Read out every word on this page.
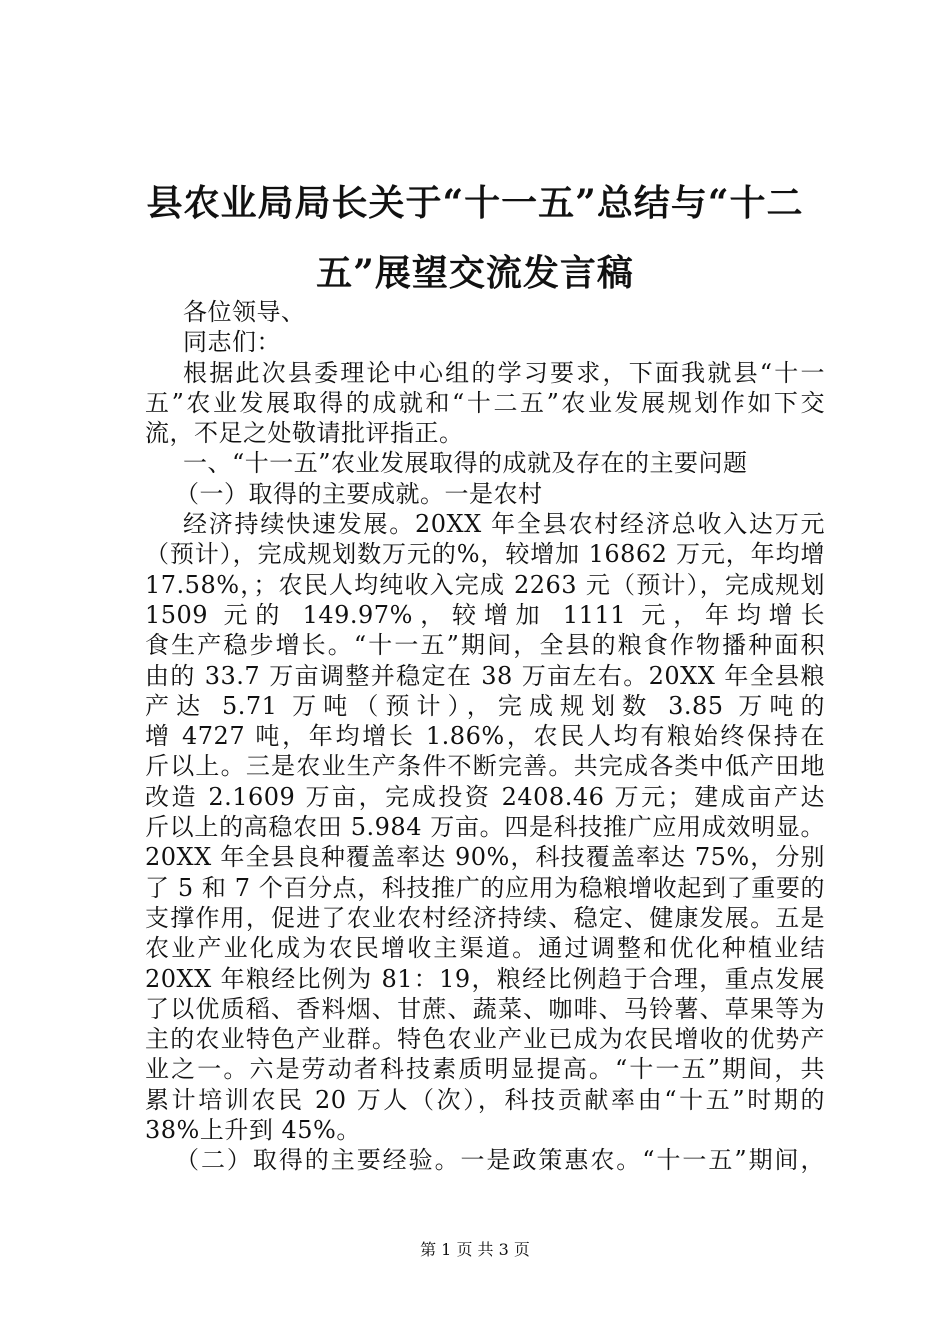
县农业局局长关于“十一五”总结与“十二
五”展望交流发言稿
各位领导、
同志们：
根据此次县委理论中心组的学习要求，下面我就县“十一
五”农业发展取得的成就和“十二五”农业发展规划作如下交
流，不足之处敬请批评指正。
一、“十一五”农业发展取得的成就及存在的主要问题
（一）取得的主要成就。一是农村
经济持续快速发展。20XX 年全县农村经济总收入达万元
（预计），完成规划数万元的%，较增加 16862 万元，年均增
17.58%，；农民人均纯收入完成 2263 元（预计），完成规划
1509 元的 149.97%，较增加 1111 元，年均增长
食生产稳步增长。“十一五”期间，全县的粮食作物播种面积
由的 33.7 万亩调整并稳定在 38 万亩左右。20XX 年全县粮
产达 5.71 万吨（预计），完成规划数 3.85 万吨的
增 4727 吨，年均增长 1.86%，农民人均有粮始终保持在
斤以上。三是农业生产条件不断完善。共完成各类中低产田地
改造 2.1609 万亩，完成投资 2408.46 万元；建成亩产达
斤以上的高稳农田 5.984 万亩。四是科技推广应用成效明显。
20XX 年全县良种覆盖率达 90%，科技覆盖率达 75%，分别
了 5 和 7 个百分点，科技推广的应用为稳粮增收起到了重要的
支撑作用，促进了农业农村经济持续、稳定、健康发展。五是
农业产业化成为农民增收主渠道。通过调整和优化种植业结
20XX 年粮经比例为 81：19，粮经比例趋于合理，重点发展
了以优质稻、香料烟、甘蔗、蔬菜、咖啡、马铃薯、草果等为
主的农业特色产业群。特色农业产业已成为农民增收的优势产
业之一。六是劳动者科技素质明显提高。“十一五”期间，共
累计培训农民 20 万人（次），科技贡献率由“十五”时期的
38%上升到 45%。
（二）取得的主要经验。一是政策惠农。“十一五”期间，
第 1 页 共 3 页
